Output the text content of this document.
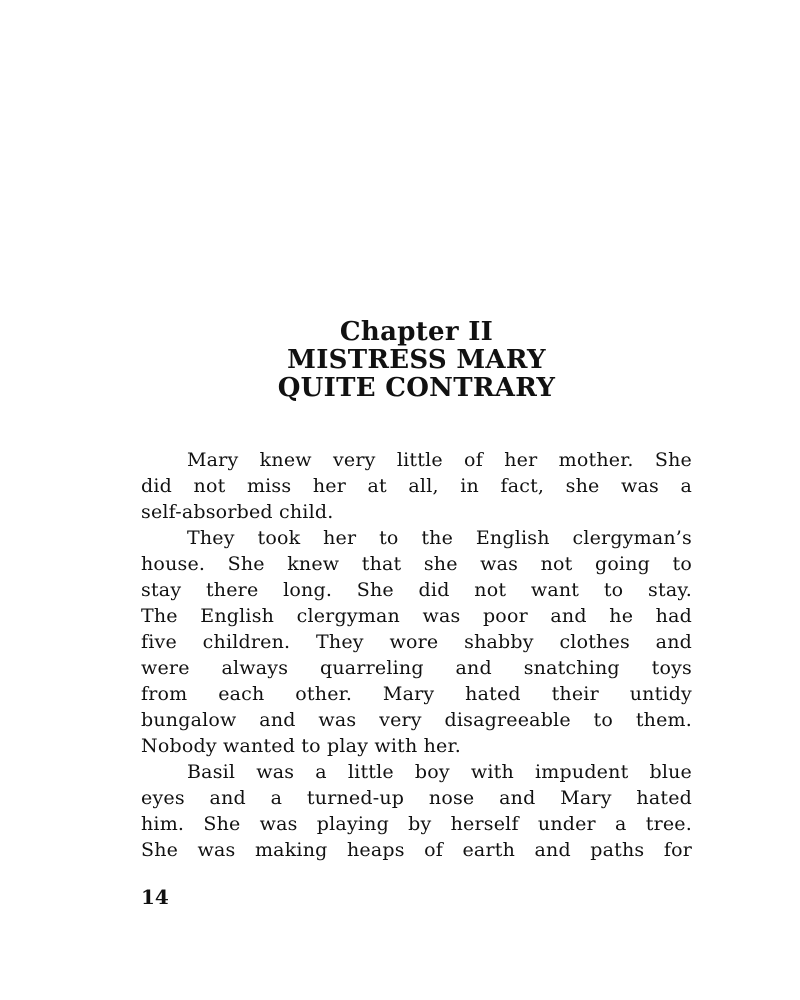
Chapter II
MISTRESS MARY
QUITE CONTRARY
Mary knew very little of her mother. She
did not miss her at all, in fact, she was a
self-absorbed child.
They took her to the English clergyman’s
house. She knew that she was not going to
stay there long. She did not want to stay.
The English clergyman was poor and he had
five children. They wore shabby clothes and
were always quarreling and snatching toys
from each other. Mary hated their untidy
bungalow and was very disagreeable to them.
Nobody wanted to play with her.
Basil was a little boy with impudent blue
eyes and a turned-up nose and Mary hated
him. She was playing by herself under a tree.
She was making heaps of earth and paths for
14
